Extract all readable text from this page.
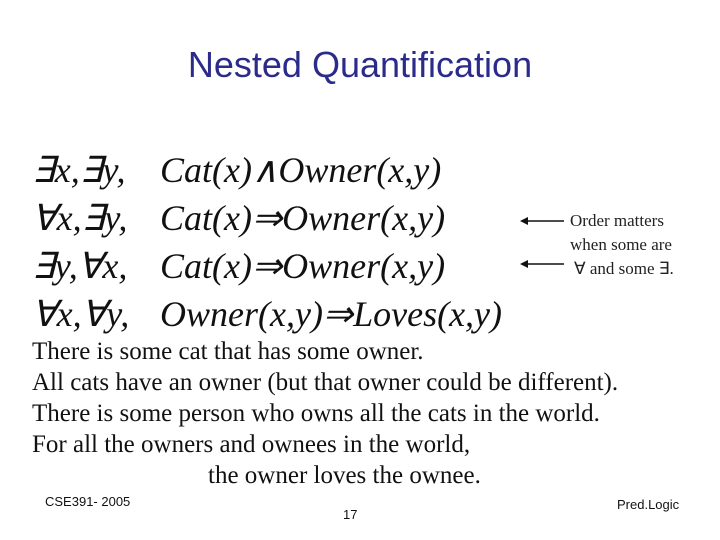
Nested Quantification
∃x,∃y, Cat(x)∧Owner(x,y)
∀x,∃y, Cat(x)⇒Owner(x,y)
∃y,∀x, Cat(x)⇒Owner(x,y)
∀x,∀y, Owner(x,y)⇒Loves(x,y)
Order matters
when some are
∀ and some ∃.
There is some cat that has some owner.
All cats have an owner (but that owner could be different).
There is some person who owns all the cats in the world.
For all the owners and ownees in the world,
the owner loves the ownee.
CSE391- 2005
17
Pred.Logic
